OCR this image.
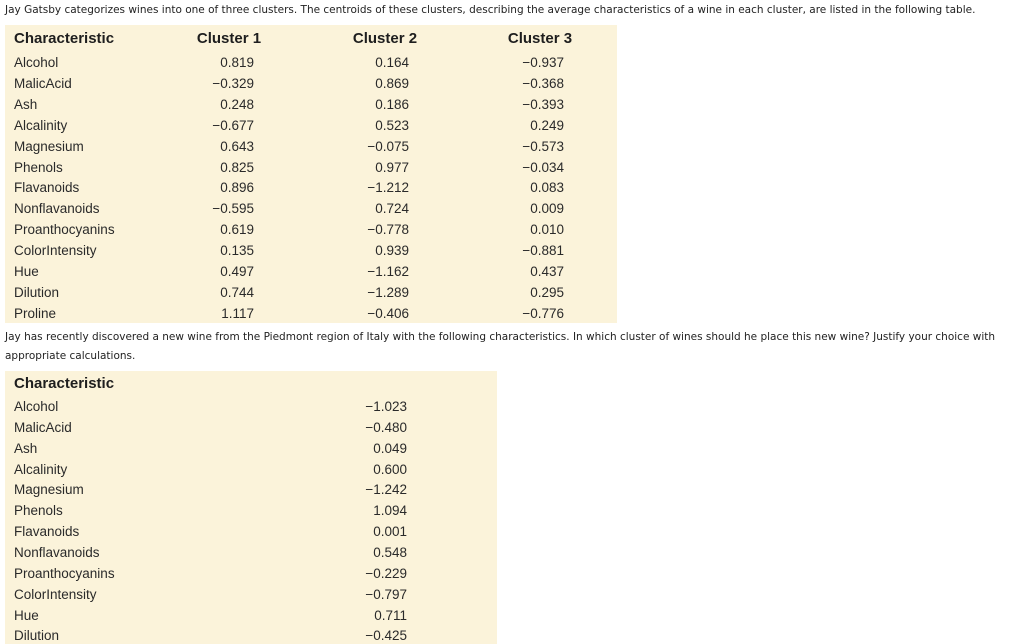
Jay Gatsby categorizes wines into one of three clusters. The centroids of these clusters, describing the average characteristics of a wine in each cluster, are listed in the following table.

Characteristic	Cluster 1	Cluster 2	Cluster 3
Alcohol	0.819	0.164	−0.937
MalicAcid	−0.329	0.869	−0.368
Ash	0.248	0.186	−0.393
Alcalinity	−0.677	0.523	0.249
Magnesium	0.643	−0.075	−0.573
Phenols	0.825	0.977	−0.034
Flavanoids	0.896	−1.212	0.083
Nonflavanoids	−0.595	0.724	0.009
Proanthocyanins	0.619	−0.778	0.010
ColorIntensity	0.135	0.939	−0.881
Hue	0.497	−1.162	0.437
Dilution	0.744	−1.289	0.295
Proline	1.117	−0.406	−0.776

Jay has recently discovered a new wine from the Piedmont region of Italy with the following characteristics. In which cluster of wines should he place this new wine? Justify your choice with appropriate calculations.

Characteristic
Alcohol	−1.023
MalicAcid	−0.480
Ash	0.049
Alcalinity	0.600
Magnesium	−1.242
Phenols	1.094
Flavanoids	0.001
Nonflavanoids	0.548
Proanthocyanins	−0.229
ColorIntensity	−0.797
Hue	0.711
Dilution	−0.425
